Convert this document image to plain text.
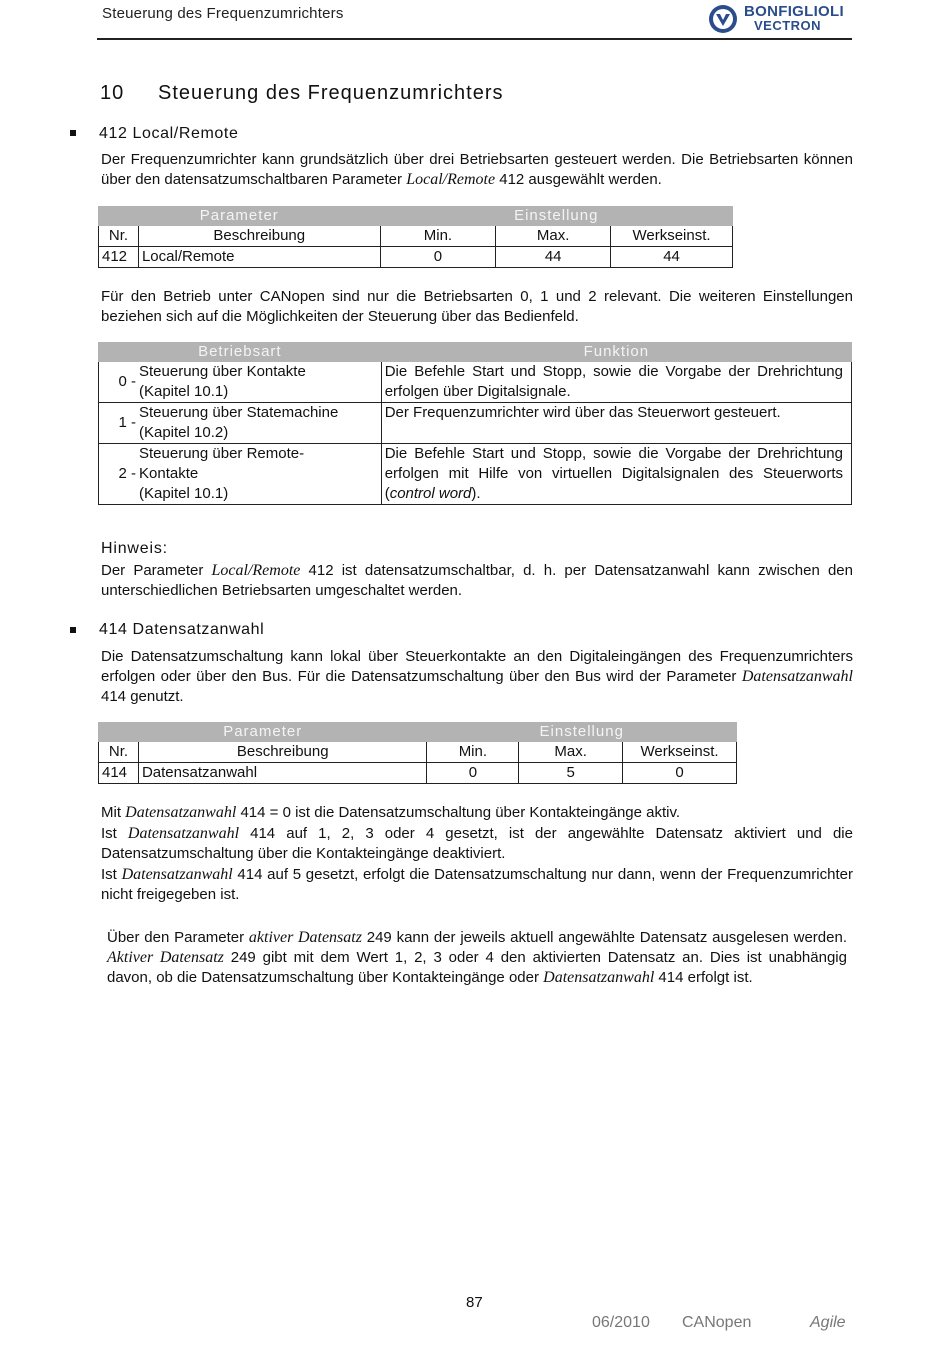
Steuerung des Frequenzumrichters	BONFIGLIOLI
VECTRON
10 Steuerung des Frequenzumrichters
412 Local/Remote
Der Frequenzumrichter kann grundsätzlich über drei Betriebsarten gesteuert werden. Die Betriebsarten können über den datensatzumschaltbaren Parameter Local/Remote 412 ausgewählt werden.
Parameter		Einstellung		
Nr.	Beschreibung	Min.	Max.	Werkseinst.
412	Local/Remote	0	44	44
Für den Betrieb unter CANopen sind nur die Betriebsarten 0, 1 und 2 relevant. Die weiteren Einstellungen beziehen sich auf die Möglichkeiten der Steuerung über das Bedienfeld.
Betriebsart	Funktion

0 -
Steuerung über Kontakte
(Kapitel 10.1)	Die Befehle Start und Stopp, sowie die Vorgabe der Drehrichtung erfolgen über Digitalsignale.

1 -
Steuerung über Statemachine
(Kapitel 10.2)	Der Frequenzumrichter wird über das Steuerwort gesteuert.

2 -
Steuerung über Remote-
Kontakte
(Kapitel 10.1)	Die Befehle Start und Stopp, sowie die Vorgabe der Drehrichtung erfolgen mit Hilfe von virtuellen Digitalsignalen des Steuerworts (control word).
Hinweis:
Der Parameter Local/Remote 412 ist datensatzumschaltbar, d. h. per Datensatzanwahl kann zwischen den unterschiedlichen Betriebsarten umgeschaltet werden.
414 Datensatzanwahl
Die Datensatzumschaltung kann lokal über Steuerkontakte an den Digitaleingängen des Frequenzumrichters erfolgen oder über den Bus. Für die Datensatzumschaltung über den Bus wird der Parameter Datensatzanwahl 414 genutzt.
Parameter		Einstellung		
Nr.	Beschreibung	Min.	Max.	Werkseinst.
414	Datensatzanwahl	0	5	0
Mit Datensatzanwahl 414 = 0 ist die Datensatzumschaltung über Kontakteingänge aktiv.
Ist Datensatzanwahl 414 auf 1, 2, 3 oder 4 gesetzt, ist der angewählte Datensatz aktiviert und die Datensatzumschaltung über die Kontakteingänge deaktiviert.
Ist Datensatzanwahl 414 auf 5 gesetzt, erfolgt die Datensatzumschaltung nur dann, wenn der Frequenzumrichter nicht freigegeben ist.
Über den Parameter aktiver Datensatz 249 kann der jeweils aktuell angewählte Datensatz ausgelesen werden. Aktiver Datensatz 249 gibt mit dem Wert 1, 2, 3 oder 4 den aktivierten Datensatz an. Dies ist unabhängig davon, ob die Datensatzumschaltung über Kontakteingänge oder Datensatzanwahl 414 erfolgt ist.
87
06/2010 CANopen	Agile
